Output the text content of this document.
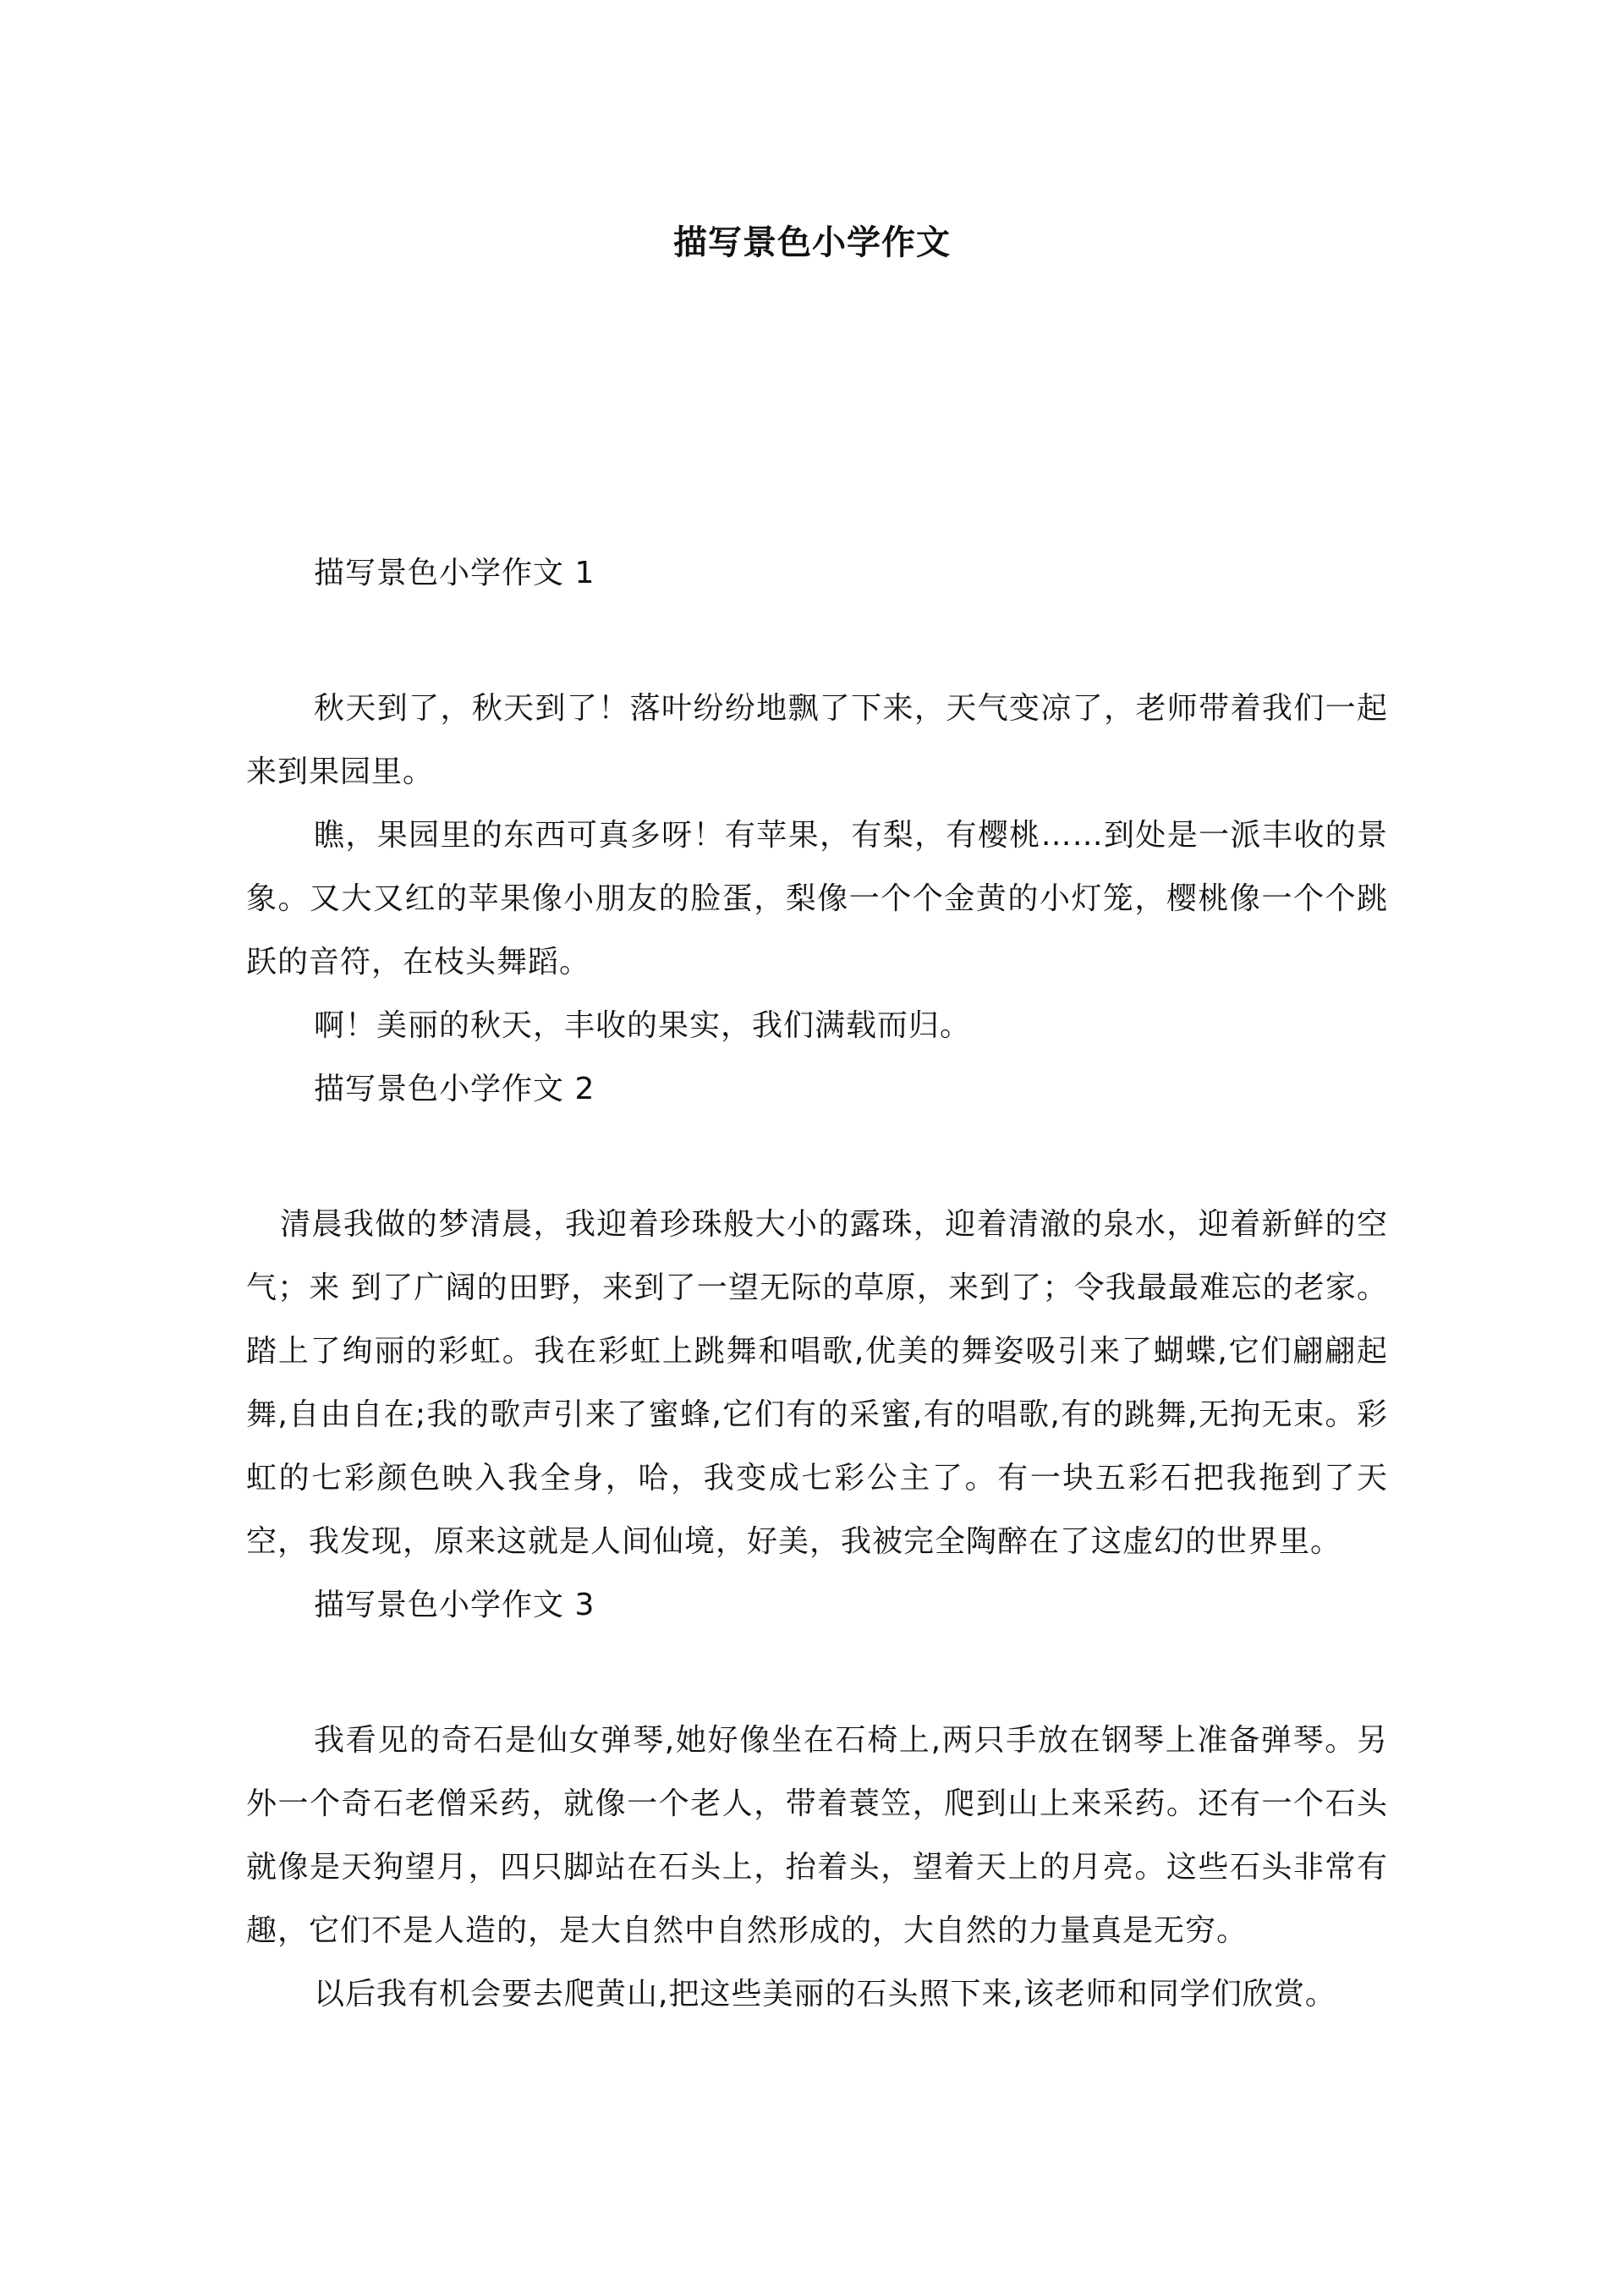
描写景色小学作文

描写景色小学作文 1

秋天到了，秋天到了！落叶纷纷地飘了下来，天气变凉了，老师带着我们一起来到果园里。

瞧，果园里的东西可真多呀！有苹果，有梨，有樱桃……到处是一派丰收的景象。又大又红的苹果像小朋友的脸蛋，梨像一个个金黄的小灯笼，樱桃像一个个跳跃的音符，在枝头舞蹈。

啊！美丽的秋天，丰收的果实，我们满载而归。

描写景色小学作文 2

清晨我做的梦清晨，我迎着珍珠般大小的露珠，迎着清澈的泉水，迎着新鲜的空气；来 到了广阔的田野，来到了一望无际的草原，来到了；令我最最难忘的老家。踏上了绚丽的彩虹。我在彩虹上跳舞和唱歌,优美的舞姿吸引来了蝴蝶,它们翩翩起舞,自由自在;我的歌声引来了蜜蜂,它们有的采蜜,有的唱歌,有的跳舞,无拘无束。彩虹的七彩颜色映入我全身，哈，我变成七彩公主了。有一块五彩石把我拖到了天空，我发现，原来这就是人间仙境，好美，我被完全陶醉在了这虚幻的世界里。

描写景色小学作文 3

我看见的奇石是仙女弹琴,她好像坐在石椅上,两只手放在钢琴上准备弹琴。另外一个奇石老僧采药，就像一个老人，带着蓑笠，爬到山上来采药。还有一个石头就像是天狗望月，四只脚站在石头上，抬着头，望着天上的月亮。这些石头非常有趣，它们不是人造的，是大自然中自然形成的，大自然的力量真是无穷。

以后我有机会要去爬黄山,把这些美丽的石头照下来,该老师和同学们欣赏。
